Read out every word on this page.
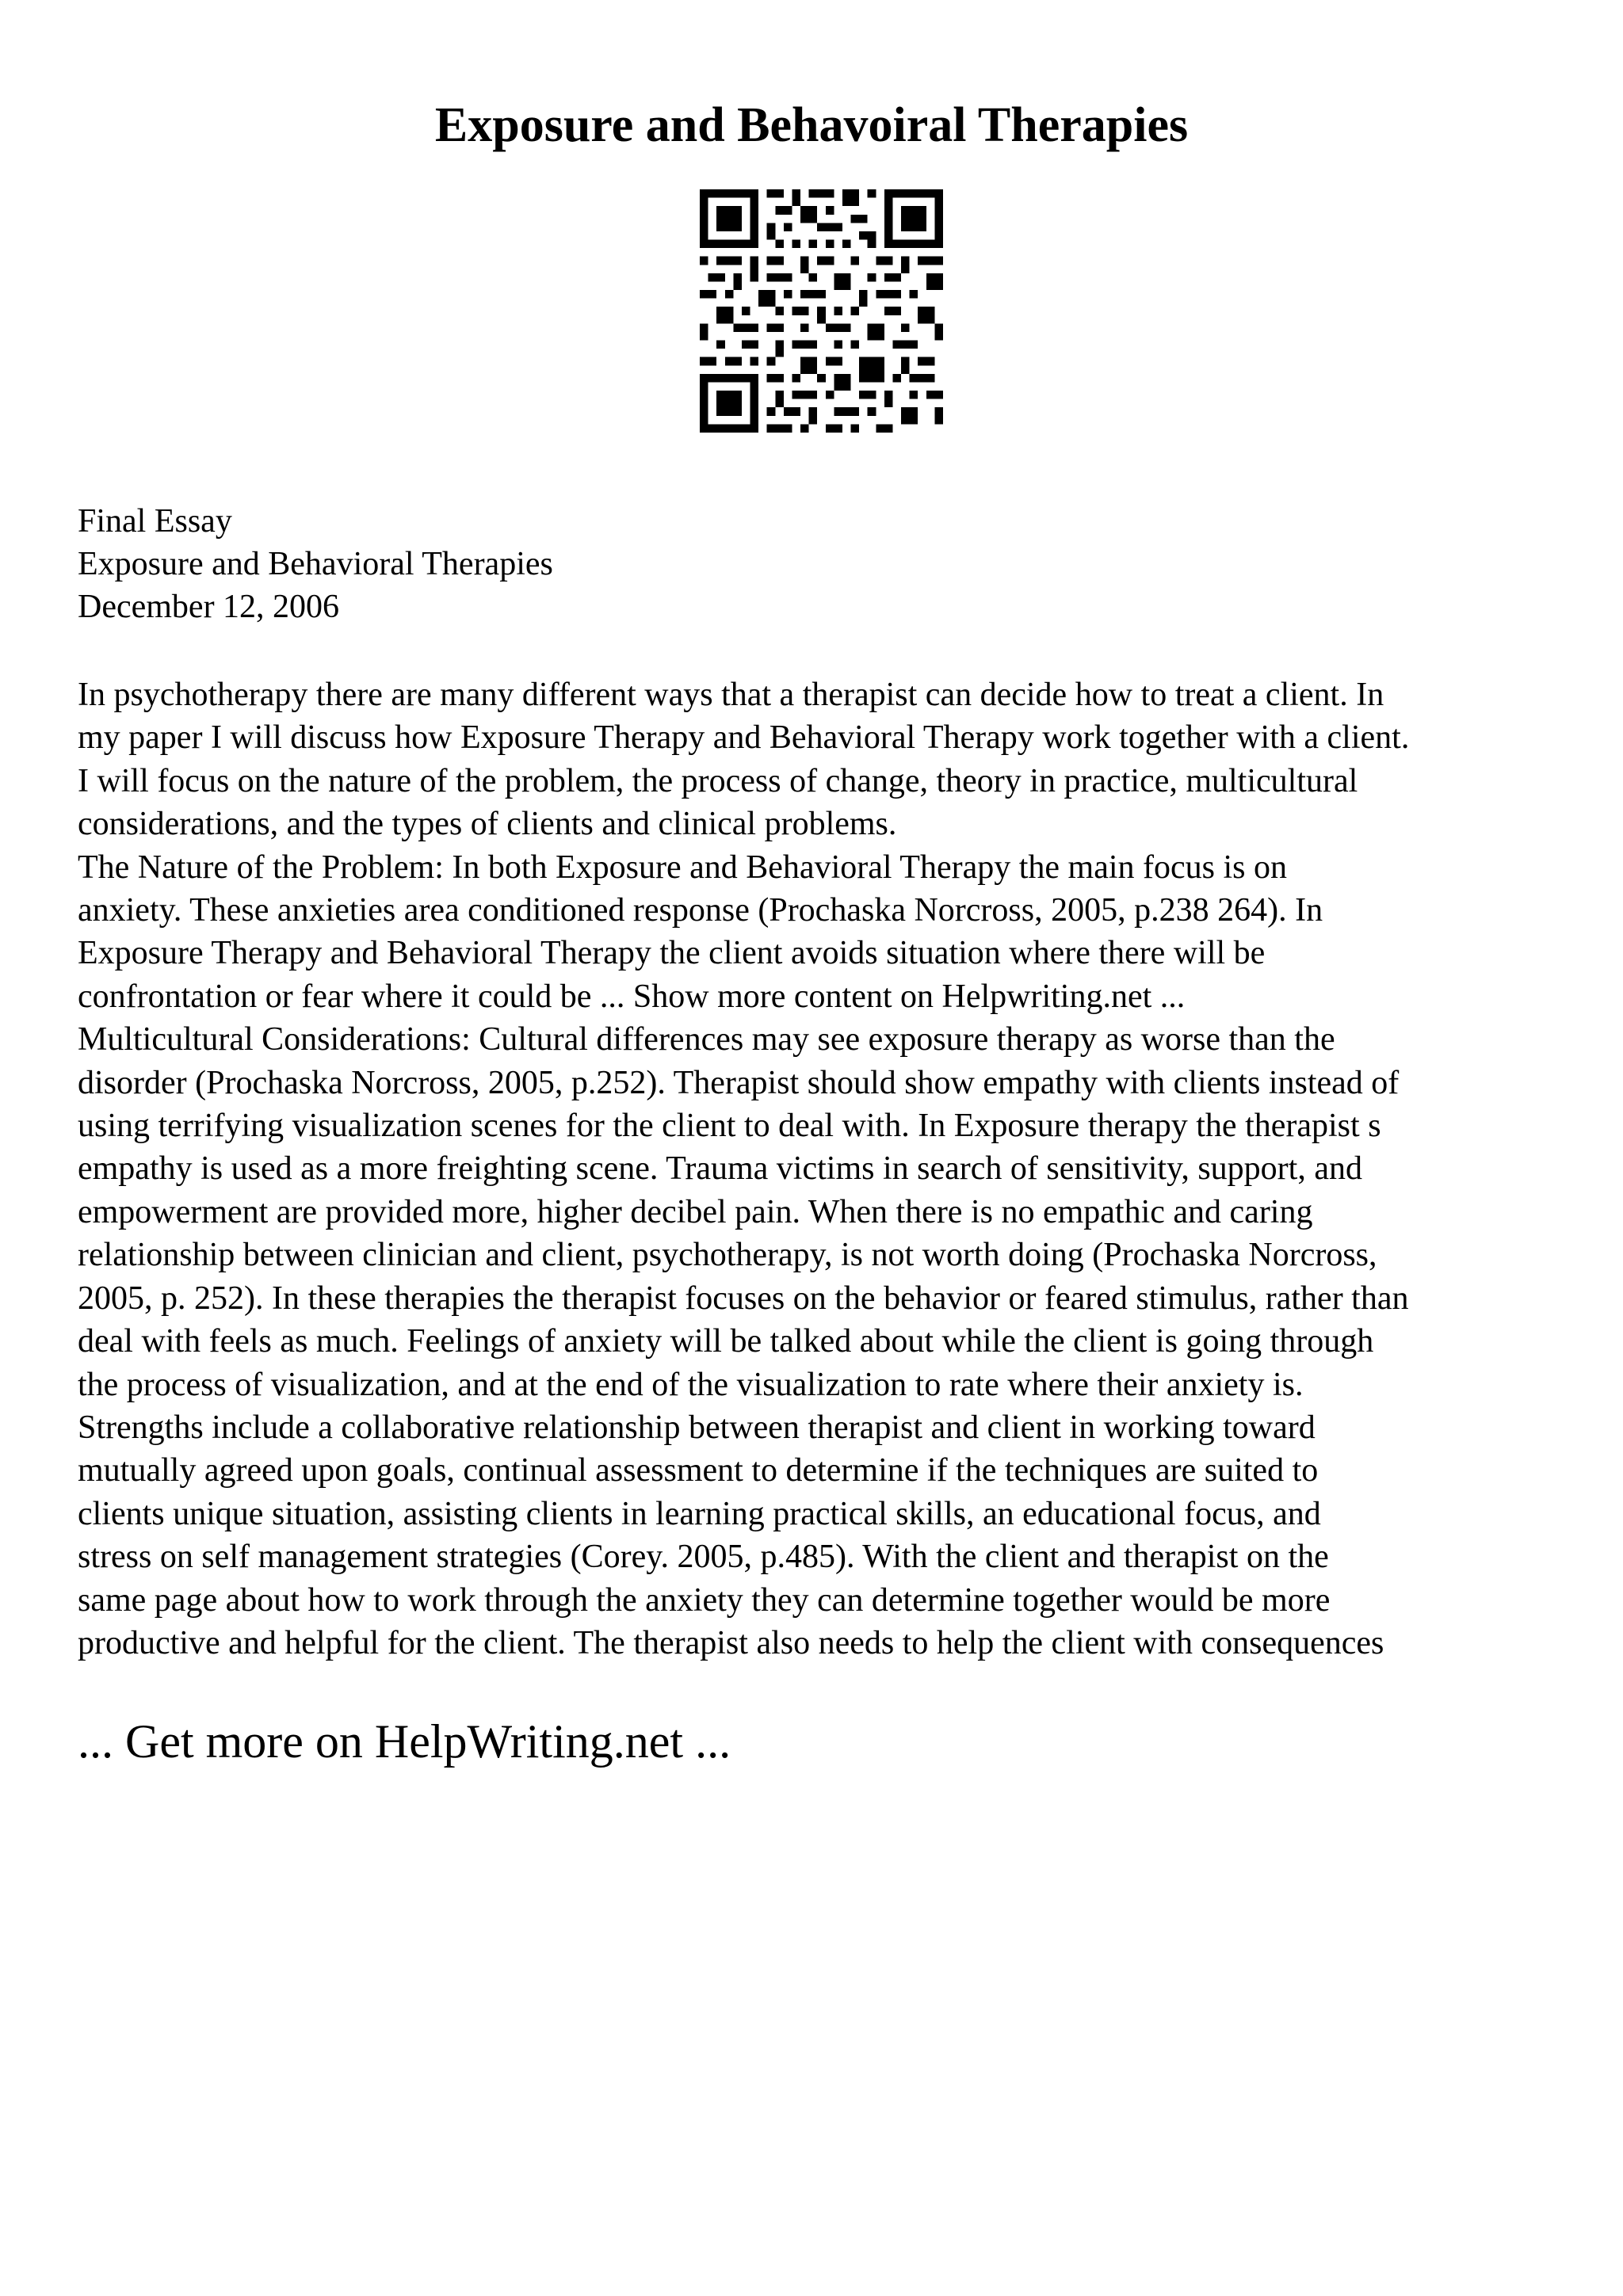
Exposure and Behavoiral Therapies
Final Essay
Exposure and Behavioral Therapies
December 12, 2006
In psychotherapy there are many different ways that a therapist can decide how to treat a client. In
my paper I will discuss how Exposure Therapy and Behavioral Therapy work together with a client.
I will focus on the nature of the problem, the process of change, theory in practice, multicultural
considerations, and the types of clients and clinical problems.
The Nature of the Problem: In both Exposure and Behavioral Therapy the main focus is on
anxiety. These anxieties area conditioned response (Prochaska Norcross, 2005, p.238 264). In
Exposure Therapy and Behavioral Therapy the client avoids situation where there will be
confrontation or fear where it could be ... Show more content on Helpwriting.net ...
Multicultural Considerations: Cultural differences may see exposure therapy as worse than the
disorder (Prochaska Norcross, 2005, p.252). Therapist should show empathy with clients instead of
using terrifying visualization scenes for the client to deal with. In Exposure therapy the therapist s
empathy is used as a more freighting scene. Trauma victims in search of sensitivity, support, and
empowerment are provided more, higher decibel pain. When there is no empathic and caring
relationship between clinician and client, psychotherapy, is not worth doing (Prochaska Norcross,
2005, p. 252). In these therapies the therapist focuses on the behavior or feared stimulus, rather than
deal with feels as much. Feelings of anxiety will be talked about while the client is going through
the process of visualization, and at the end of the visualization to rate where their anxiety is.
Strengths include a collaborative relationship between therapist and client in working toward
mutually agreed upon goals, continual assessment to determine if the techniques are suited to
clients unique situation, assisting clients in learning practical skills, an educational focus, and
stress on self management strategies (Corey. 2005, p.485). With the client and therapist on the
same page about how to work through the anxiety they can determine together would be more
productive and helpful for the client. The therapist also needs to help the client with consequences
... Get more on HelpWriting.net ...
